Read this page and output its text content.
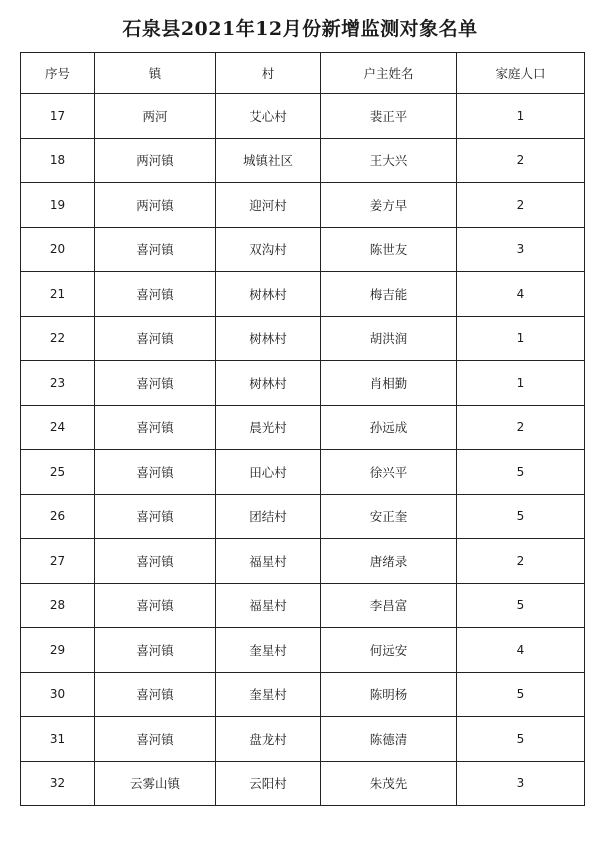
石泉县2021年12月份新增监测对象名单
序号	镇	村	户主姓名	家庭人口
17	两河	艾心村	裴正平	1
18	两河镇	城镇社区	王大兴	2
19	两河镇	迎河村	姜方早	2
20	喜河镇	双沟村	陈世友	3
21	喜河镇	树林村	梅吉能	4
22	喜河镇	树林村	胡洪润	1
23	喜河镇	树林村	肖相勤	1
24	喜河镇	晨光村	孙远成	2
25	喜河镇	田心村	徐兴平	5
26	喜河镇	团结村	安正奎	5
27	喜河镇	福星村	唐绪录	2
28	喜河镇	福星村	李昌富	5
29	喜河镇	奎星村	何远安	4
30	喜河镇	奎星村	陈明杨	5
31	喜河镇	盘龙村	陈德清	5
32	云雾山镇	云阳村	朱茂先	3
